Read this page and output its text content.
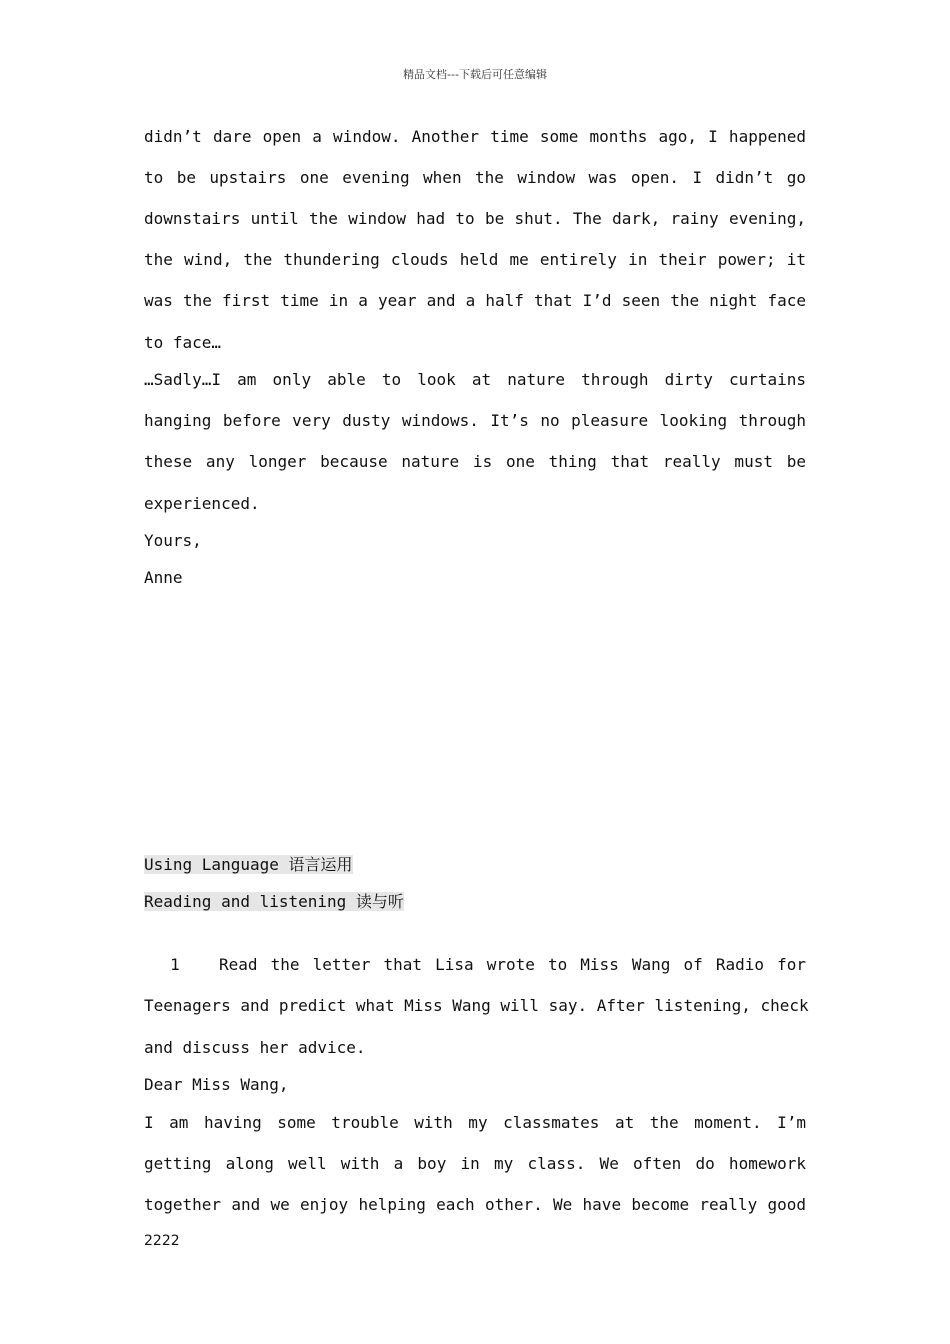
精品文档---下载后可任意编辑
didn’t dare open a window. Another time some months ago, I happened
to be upstairs one evening when the window was open. I didn’t go
downstairs until the window had to be shut. The dark, rainy evening,
the wind, the thundering clouds held me entirely in their power; it
was the first time in a year and a half that I’d seen the night face
to face…
…Sadly…I am only able to look at nature through dirty curtains
hanging before very dusty windows. It’s no pleasure looking through
these any longer because nature is one thing that really must be
experienced.
Yours,
Anne
Using Language 语言运用
Reading and listening 读与听
1   Read the letter that Lisa wrote to Miss Wang of Radio for
Teenagers and predict what Miss Wang will say. After listening, check
and discuss her advice.
Dear Miss Wang,
I am having some trouble with my classmates at the moment. I’m
getting along well with a boy in my class. We often do homework
together and we enjoy helping each other. We have become really good
2222
